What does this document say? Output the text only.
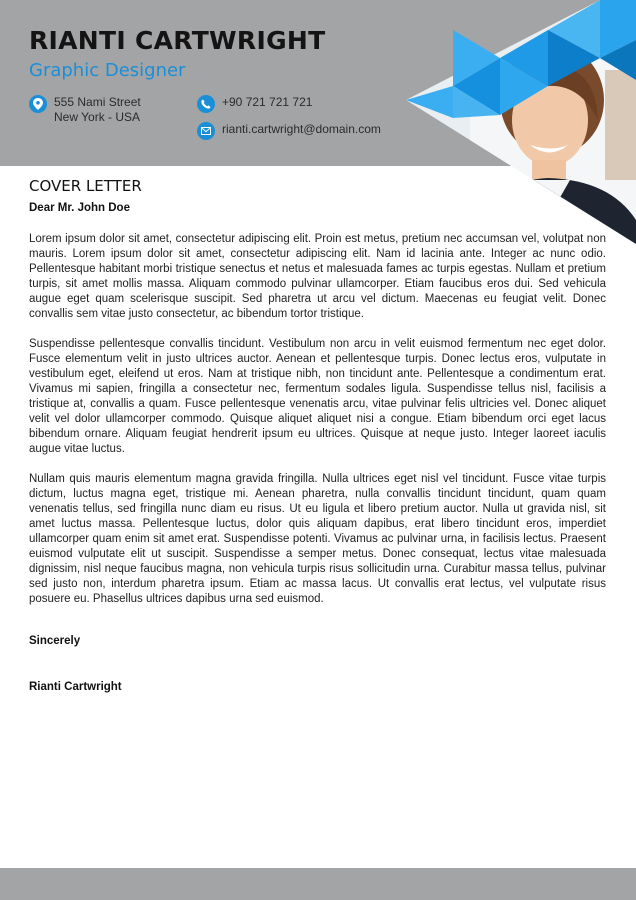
RIANTI CARTWRIGHT
Graphic Designer
555 Nami Street
New York - USA
+90 721 721 721
rianti.cartwright@domain.com
COVER LETTER
Dear Mr. John Doe

Lorem ipsum dolor sit amet, consectetur adipiscing elit. Proin est metus, pretium nec accumsan vel, volutpat non mauris. Lorem ipsum dolor sit amet, consectetur adipiscing elit. Nam id lacinia ante. Integer ac nunc odio. Pellentesque habitant morbi tristique senectus et netus et malesuada fames ac turpis egestas. Nullam et pretium turpis, sit amet mollis massa. Aliquam commodo pulvinar ullamcorper. Etiam faucibus eros dui. Sed vehicula augue eget quam scelerisque suscipit. Sed pharetra ut arcu vel dictum. Maecenas eu feugiat velit. Donec convallis sem vitae justo consectetur, ac bibendum tortor tristique.

Suspendisse pellentesque convallis tincidunt. Vestibulum non arcu in velit euismod fermentum nec eget dolor. Fusce elementum velit in justo ultrices auctor. Aenean et pellentesque turpis. Donec lectus eros, vulputate in vestibulum eget, eleifend ut eros. Nam at tristique nibh, non tincidunt ante. Pellentesque a condimentum erat. Vivamus mi sapien, fringilla a consectetur nec, fermentum sodales ligula. Suspendisse tellus nisl, facilisis a tristique at, convallis a quam. Fusce pellentesque venenatis arcu, vitae pulvinar felis ultricies vel. Donec aliquet velit vel dolor ullamcorper commodo. Quisque aliquet aliquet nisi a congue. Etiam bibendum orci eget lacus bibendum ornare. Aliquam feugiat hendrerit ipsum eu ultrices. Quisque at neque justo. Integer laoreet iaculis augue vitae luctus.

Nullam quis mauris elementum magna gravida fringilla. Nulla ultrices eget nisl vel tincidunt. Fusce vitae turpis dictum, luctus magna eget, tristique mi. Aenean pharetra, nulla convallis tincidunt tincidunt, quam quam venenatis tellus, sed fringilla nunc diam eu risus. Ut eu ligula et libero pretium auctor. Nulla ut gravida nisl, sit amet luctus massa. Pellentesque luctus, dolor quis aliquam dapibus, erat libero tincidunt eros, imperdiet ullamcorper quam enim sit amet erat. Suspendisse potenti. Vivamus ac pulvinar urna, in facilisis lectus. Praesent euismod vulputate elit ut suscipit. Suspendisse a semper metus. Donec consequat, lectus vitae malesuada dignissim, nisl neque faucibus magna, non vehicula turpis risus sollicitudin urna. Curabitur massa tellus, pulvinar sed justo non, interdum pharetra ipsum. Etiam ac massa lacus. Ut convallis erat lectus, vel vulputate risus posuere eu. Phasellus ultrices dapibus urna sed euismod.

Sincerely
Rianti Cartwright
